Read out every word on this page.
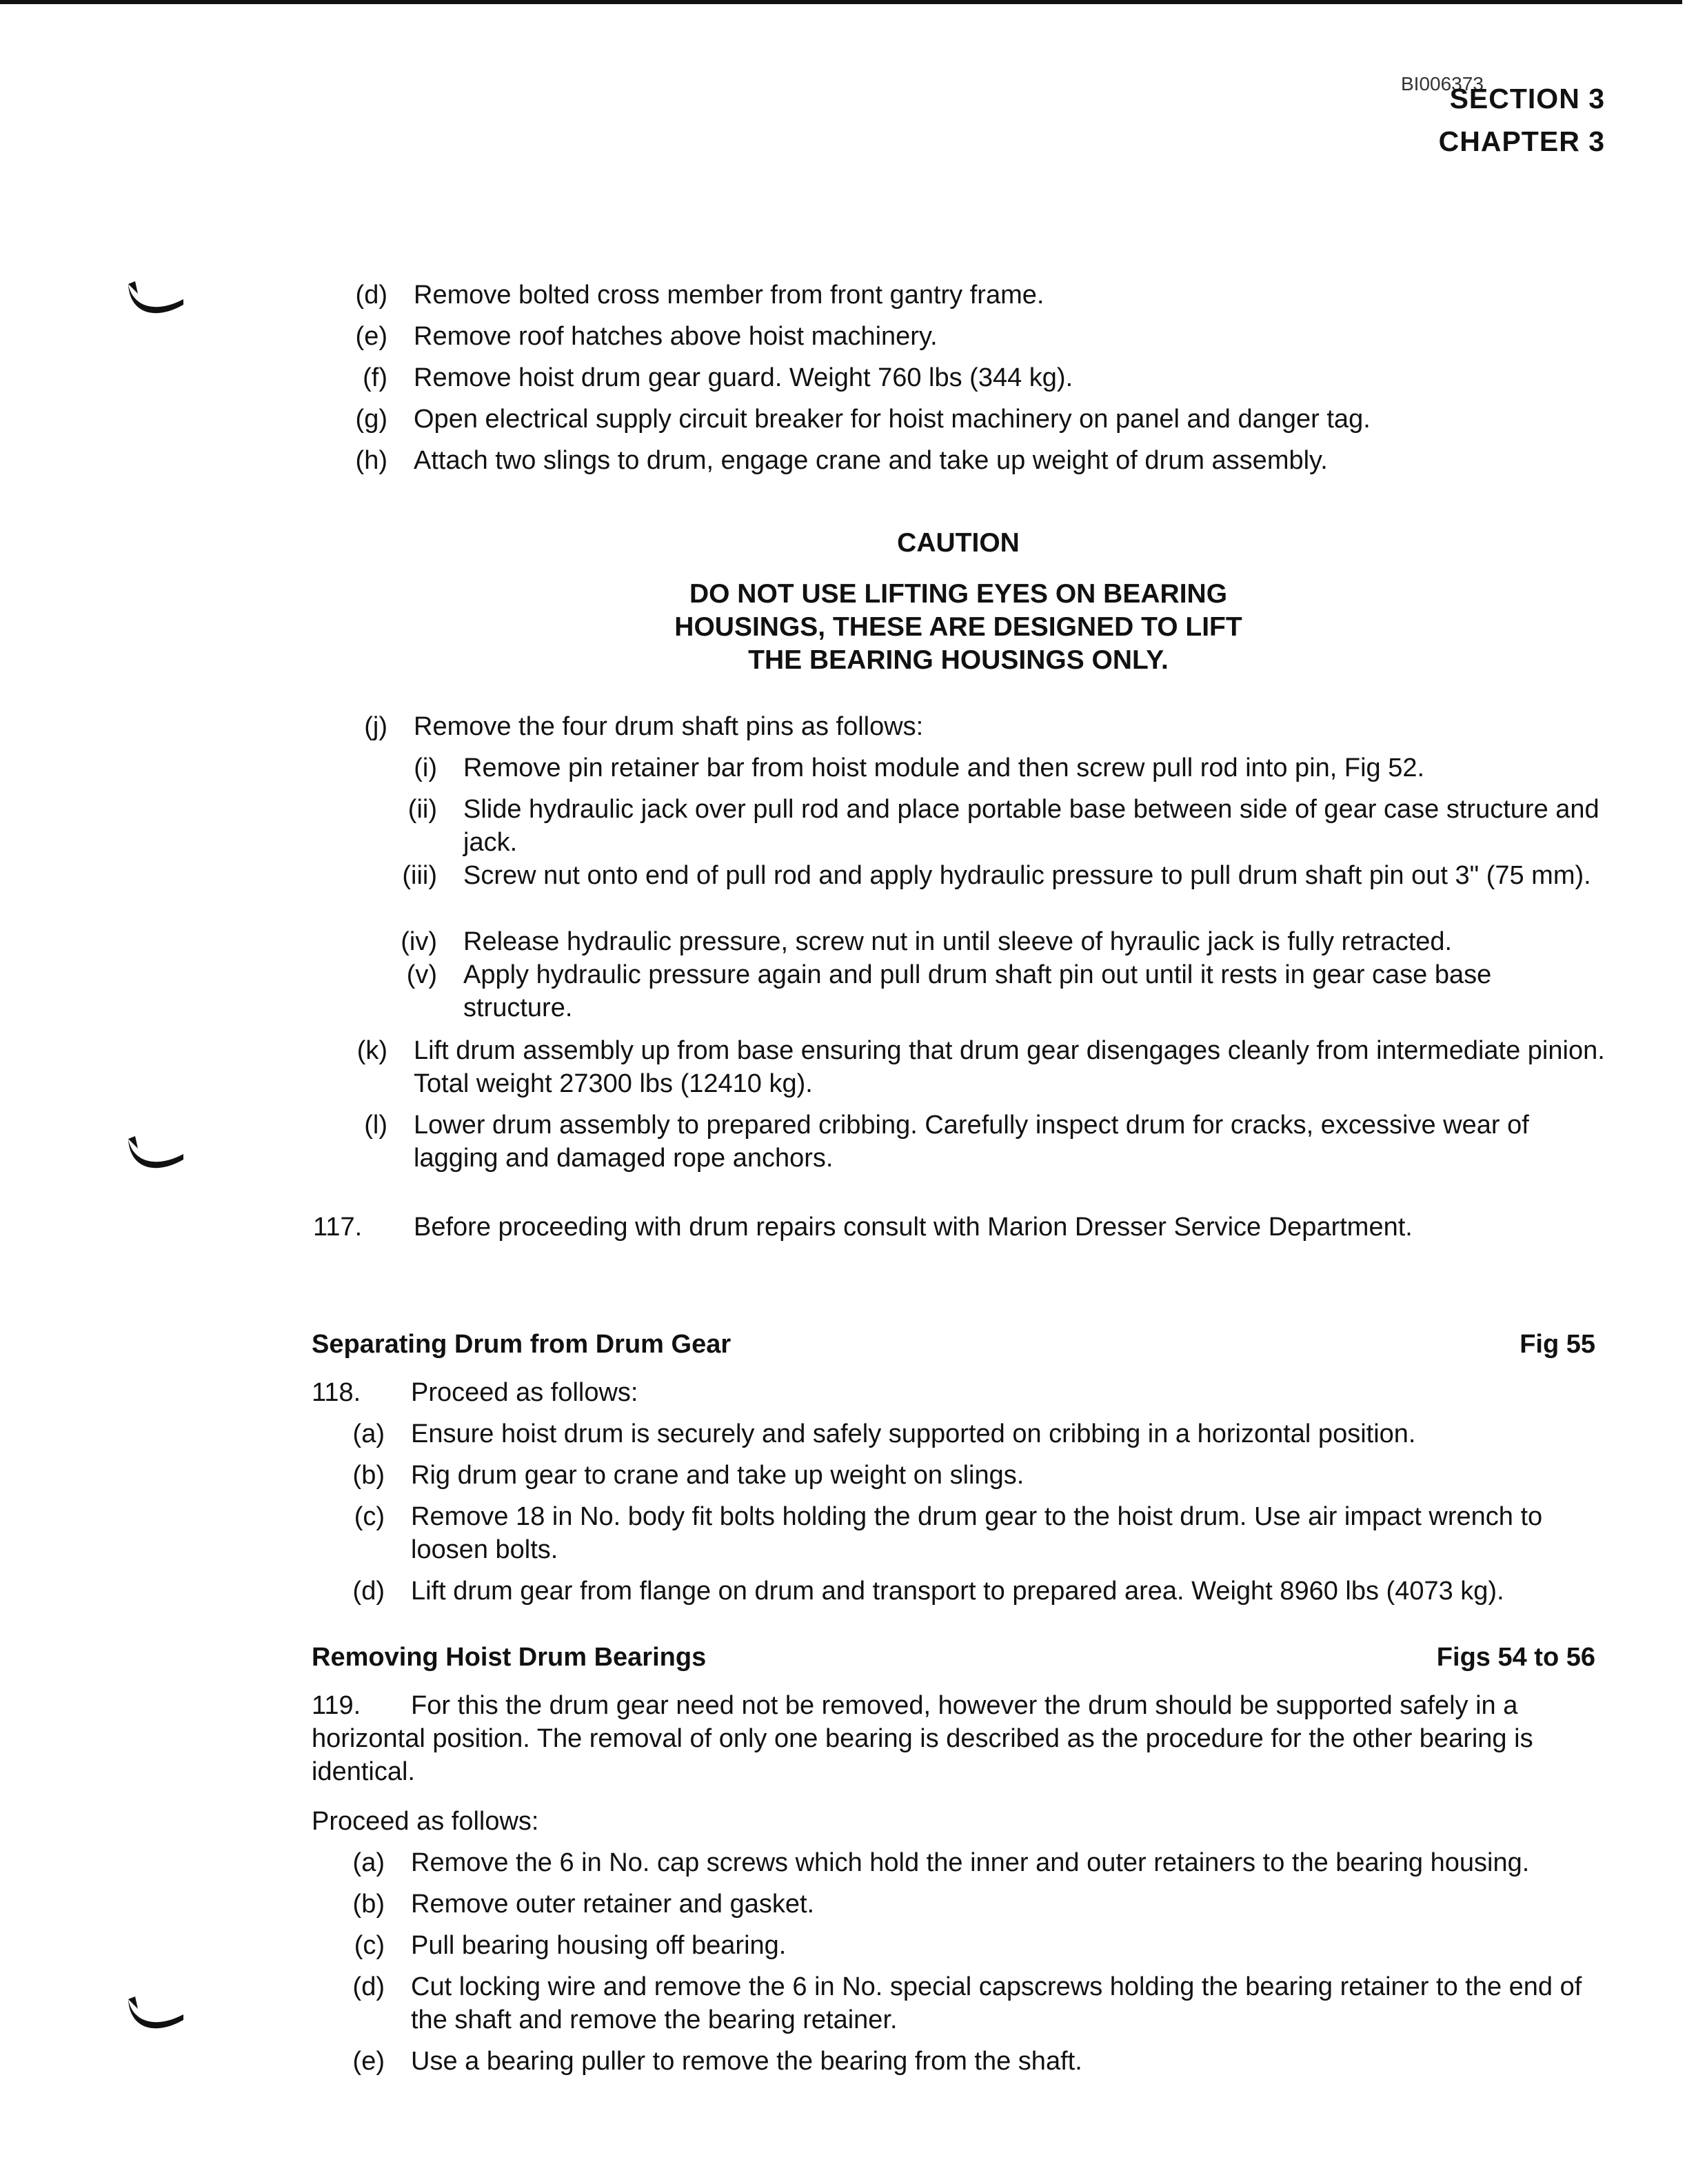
BI006373
SECTION 3
CHAPTER 3
(d) Remove bolted cross member from front gantry frame.
(e) Remove roof hatches above hoist machinery.
(f) Remove hoist drum gear guard. Weight 760 lbs (344 kg).
(g) Open electrical supply circuit breaker for hoist machinery on panel and danger tag.
(h) Attach two slings to drum, engage crane and take up weight of drum assembly.
CAUTION
DO NOT USE LIFTING EYES ON BEARING
HOUSINGS, THESE ARE DESIGNED TO LIFT
THE BEARING HOUSINGS ONLY.
(j) Remove the four drum shaft pins as follows:
(i) Remove pin retainer bar from hoist module and then screw pull rod into pin, Fig 52.
(ii) Slide hydraulic jack over pull rod and place portable base between side of gear case structure and jack.
(iii) Screw nut onto end of pull rod and apply hydraulic pressure to pull drum shaft pin out 3" (75 mm).
(iv) Release hydraulic pressure, screw nut in until sleeve of hyraulic jack is fully retracted.
(v) Apply hydraulic pressure again and pull drum shaft pin out until it rests in gear case base structure.
(k) Lift drum assembly up from base ensuring that drum gear disengages cleanly from intermediate pinion. Total weight 27300 lbs (12410 kg).
(l) Lower drum assembly to prepared cribbing. Carefully inspect drum for cracks, excessive wear of lagging and damaged rope anchors.
117. Before proceeding with drum repairs consult with Marion Dresser Service Department.
Separating Drum from Drum Gear	Fig 55
118. Proceed as follows:
(a) Ensure hoist drum is securely and safely supported on cribbing in a horizontal position.
(b) Rig drum gear to crane and take up weight on slings.
(c) Remove 18 in No. body fit bolts holding the drum gear to the hoist drum. Use air impact wrench to loosen bolts.
(d) Lift drum gear from flange on drum and transport to prepared area. Weight 8960 lbs (4073 kg).
Removing Hoist Drum Bearings	Figs 54 to 56
119.	For this the drum gear need not be removed, however the drum should be supported safely in a horizontal position. The removal of only one bearing is described as the procedure for the other bearing is identical.
Proceed as follows:
(a) Remove the 6 in No. cap screws which hold the inner and outer retainers to the bearing housing.
(b) Remove outer retainer and gasket.
(c) Pull bearing housing off bearing.
(d) Cut locking wire and remove the 6 in No. special capscrews holding the bearing retainer to the end of the shaft and remove the bearing retainer.
(e) Use a bearing puller to remove the bearing from the shaft.
